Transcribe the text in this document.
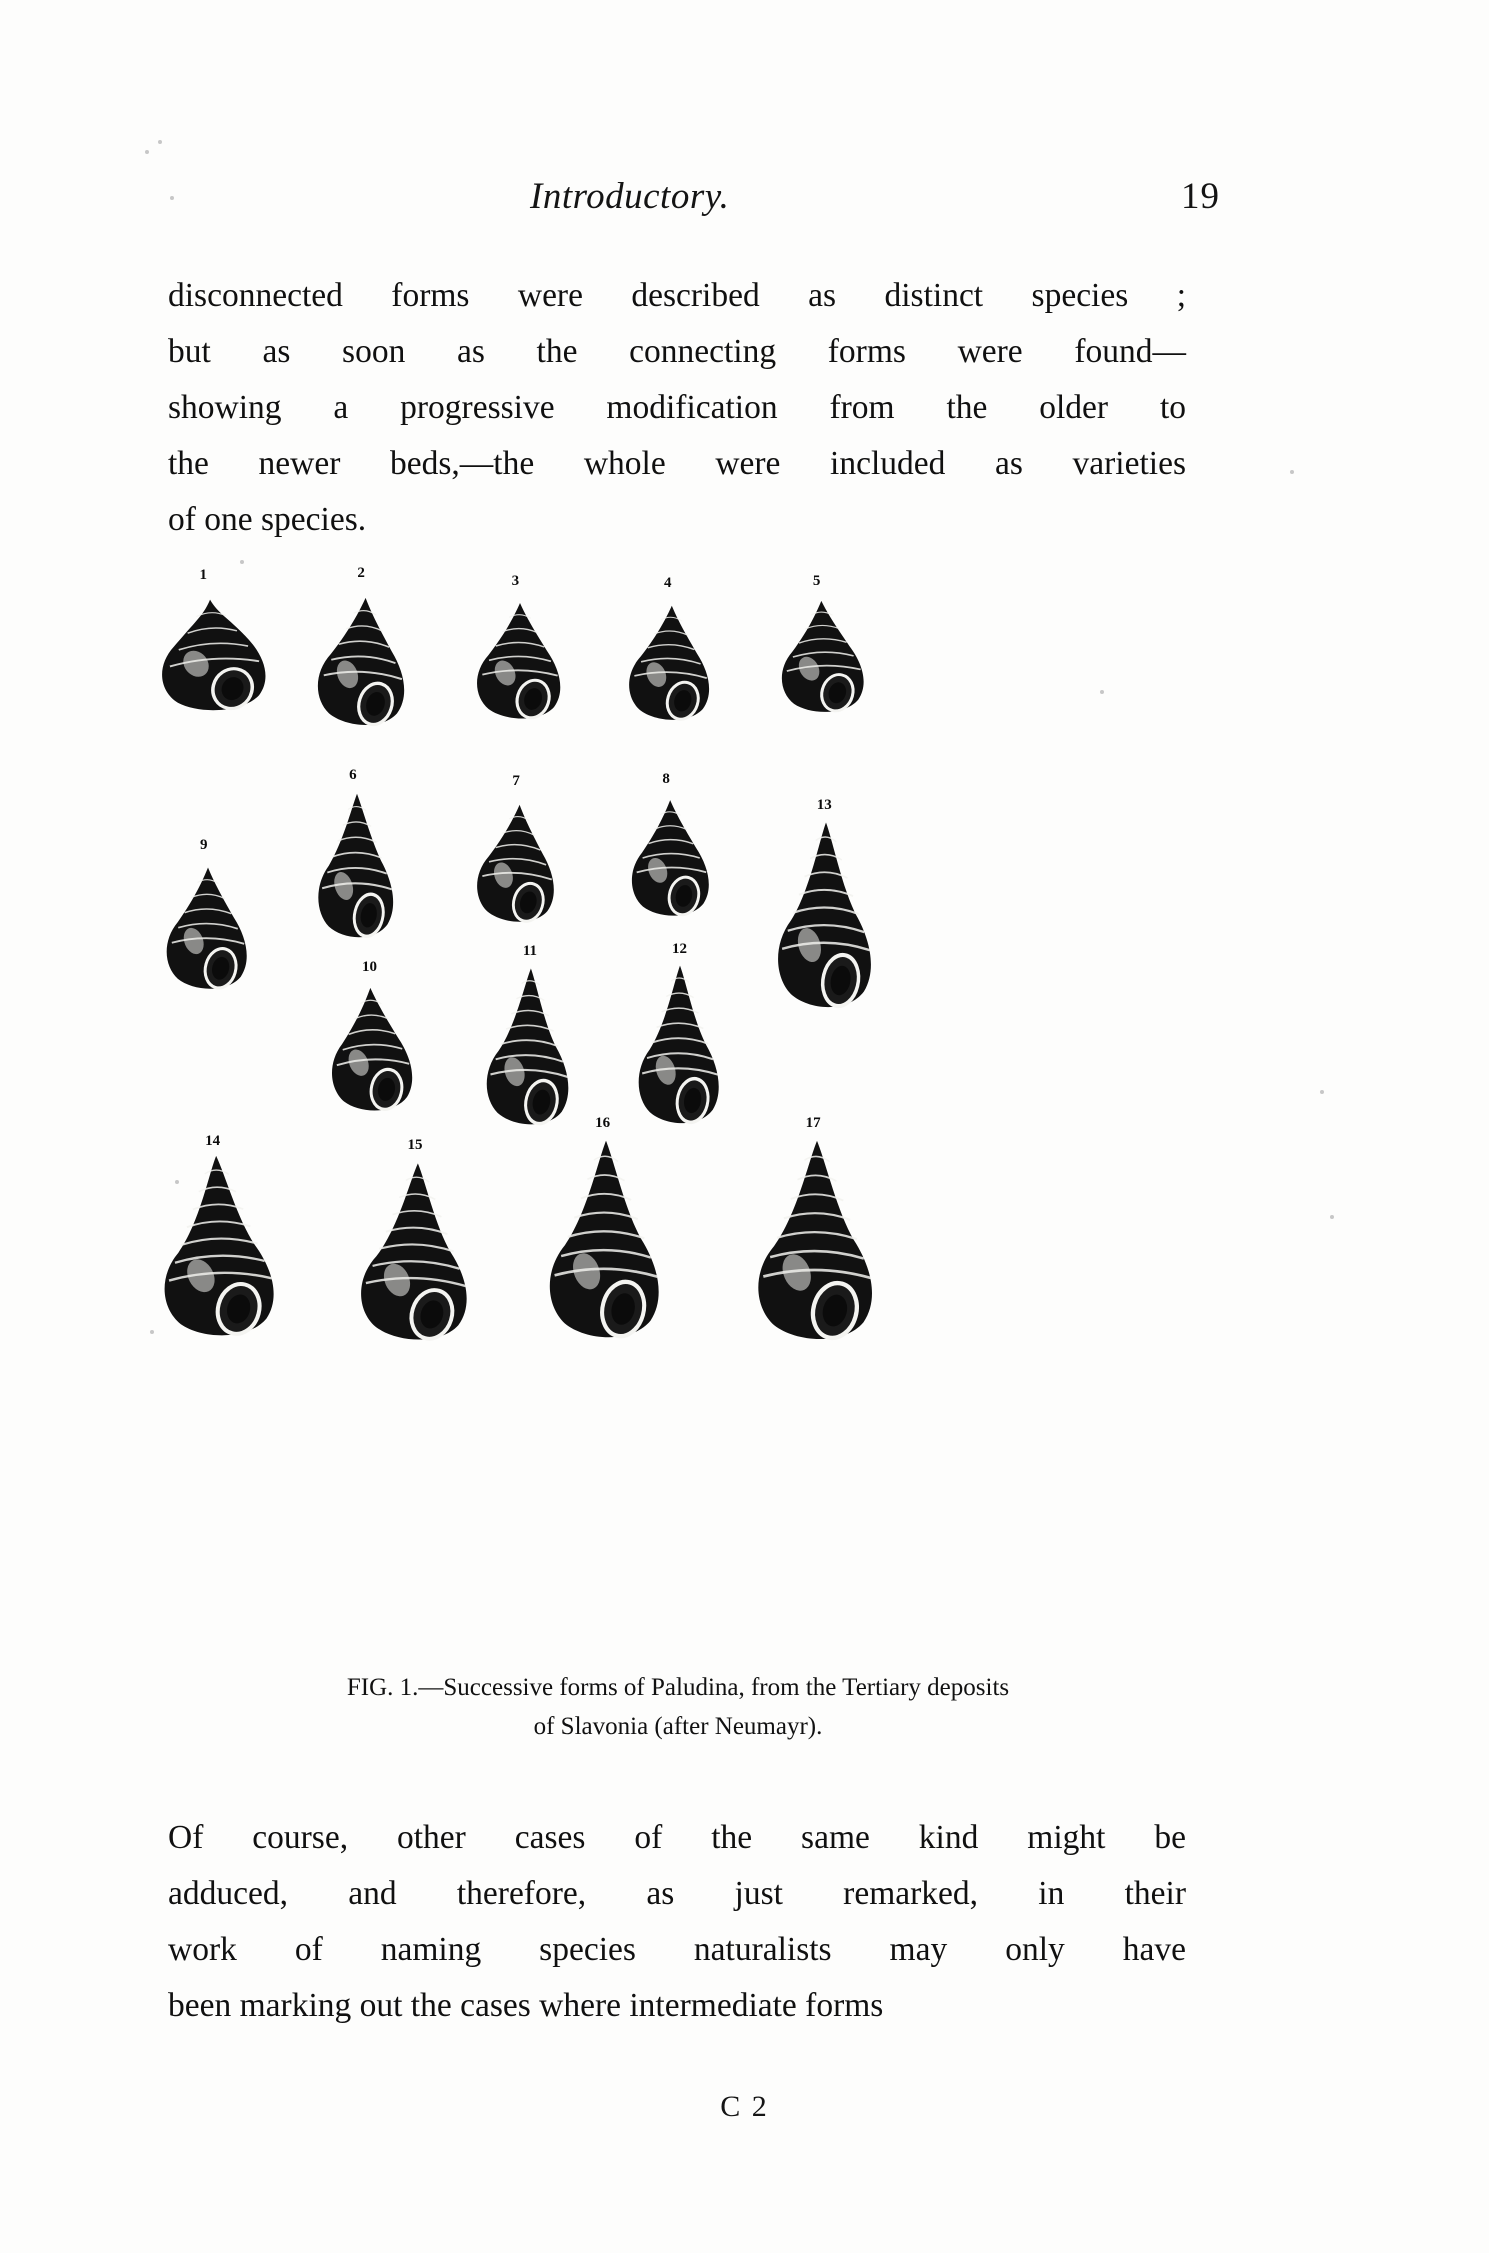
Introductory.	19
disconnected forms were described as distinct species ;
but as soon as the connecting forms were found—
showing a progressive modification from the older to
the newer beds,—the whole were included as varieties
of one species.
1	2	3	4	5
6	7	8
9
10
11	12
13
14	15
16	17
FIG. 1.—Successive forms of Paludina, from the Tertiary deposits
of Slavonia (after Neumayr).
Of course, other cases of the same kind might be
adduced, and therefore, as just remarked, in their
work of naming species naturalists may only have
been marking out the cases where intermediate forms
C 2
